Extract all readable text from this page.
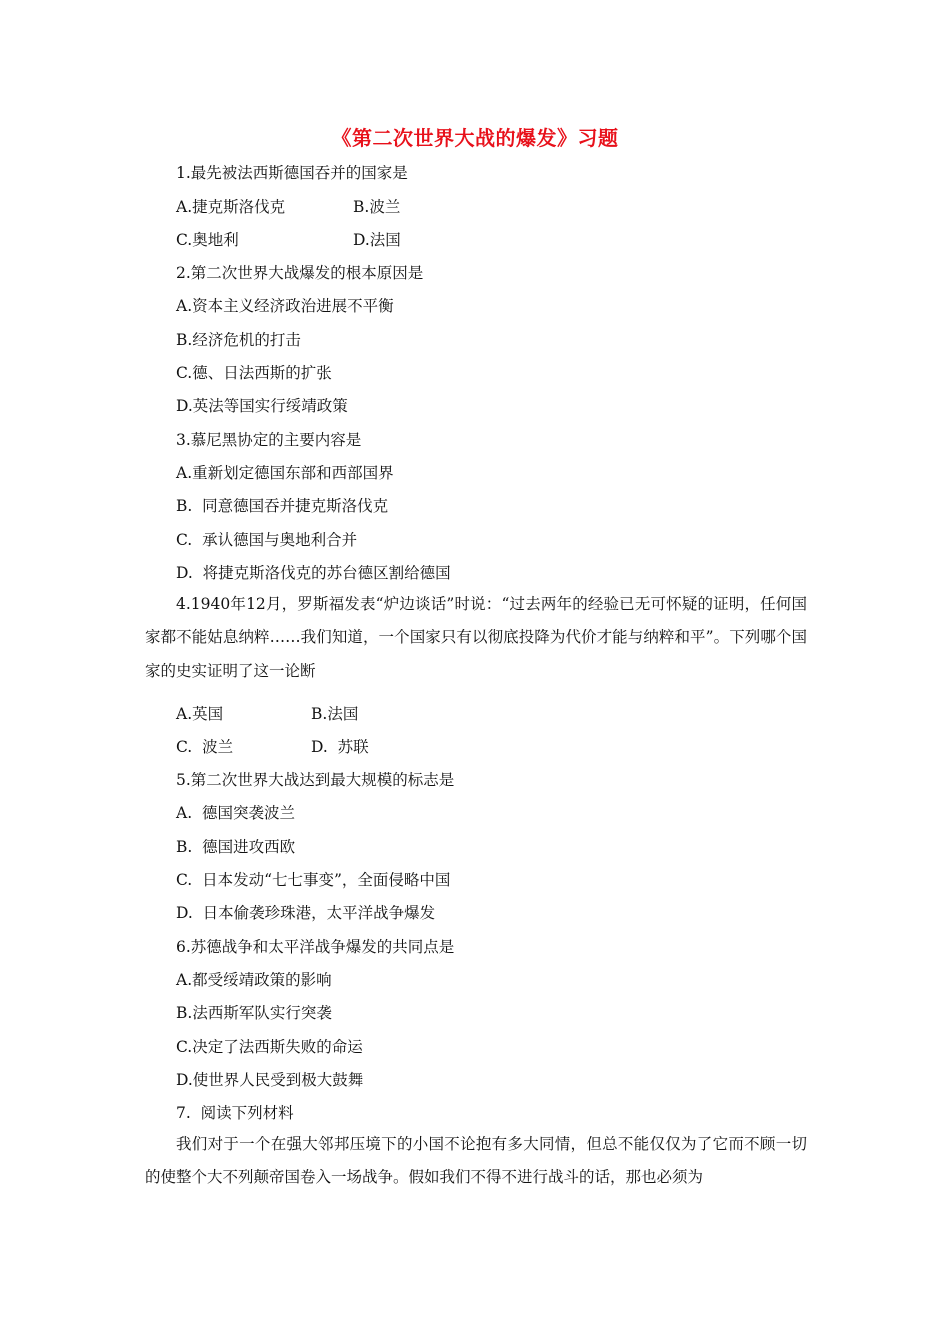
《第二次世界大战的爆发》习题
1.最先被法西斯德国吞并的国家是
A.捷克斯洛伐克	B.波兰
C.奥地利	D.法国
2.第二次世界大战爆发的根本原因是
A.资本主义经济政治进展不平衡
B.经济危机的打击
C.德、日法西斯的扩张
D.英法等国实行绥靖政策
3.慕尼黑协定的主要内容是
A.重新划定德国东部和西部国界
B.  同意德国吞并捷克斯洛伐克
C.  承认德国与奥地利合并
D.  将捷克斯洛伐克的苏台德区割给德国

4.1940年12月，罗斯福发表“炉边谈话”时说：“过去两年的经验已无可怀疑的证明，任何国家都不能姑息纳粹……我们知道，一个国家只有以彻底投降为代价才能与纳粹和平”。下列哪个国家的史实证明了这一论断

A.英国	B.法国
C.  波兰	D.  苏联
5.第二次世界大战达到最大规模的标志是
A.  德国突袭波兰
B.  德国进攻西欧
C.  日本发动“七七事变”，全面侵略中国
D.  日本偷袭珍珠港，太平洋战争爆发
6.苏德战争和太平洋战争爆发的共同点是
A.都受绥靖政策的影响
B.法西斯军队实行突袭
C.决定了法西斯失败的命运
D.使世界人民受到极大鼓舞
7.  阅读下列材料

我们对于一个在强大邻邦压境下的小国不论抱有多大同情，但总不能仅仅为了它而不顾一切的使整个大不列颠帝国卷入一场战争。假如我们不得不进行战斗的话，那也必须为
